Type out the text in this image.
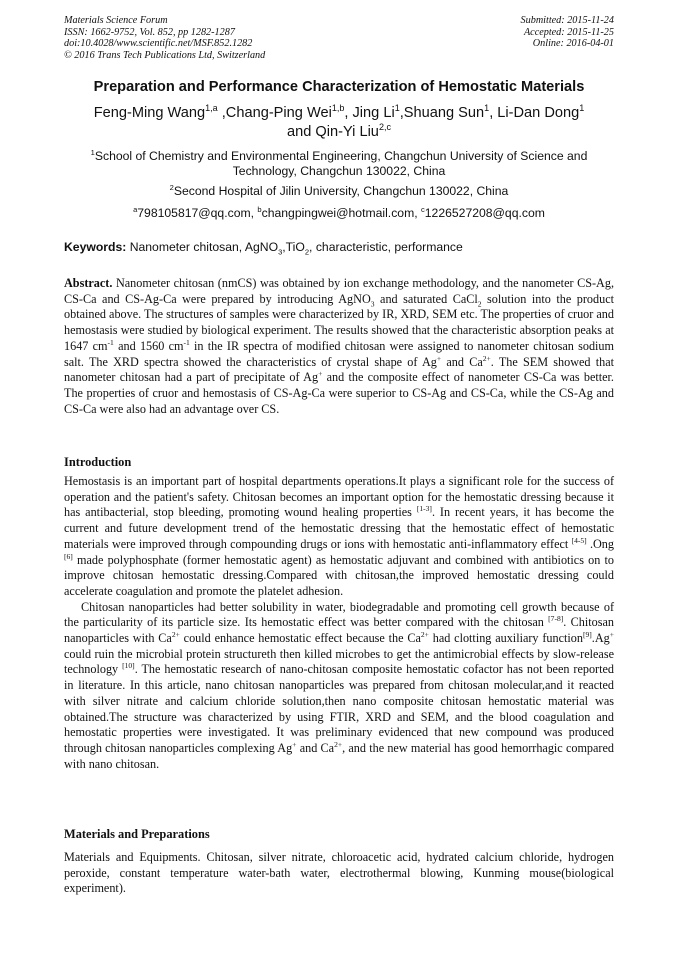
Materials Science Forum
ISSN: 1662-9752, Vol. 852, pp 1282-1287
doi:10.4028/www.scientific.net/MSF.852.1282
© 2016 Trans Tech Publications Ltd, Switzerland
Submitted: 2015-11-24
Accepted: 2015-11-25
Online: 2016-04-01
Preparation and Performance Characterization of Hemostatic Materials
Feng-Ming Wang$^{1,a}$ ,Chang-Ping Wei$^{1,b}$, Jing Li$^1$,Shuang Sun$^1$, Li-Dan Dong$^1$
and Qin-Yi Liu$^{2,c}$
$^1$School of Chemistry and Environmental Engineering, Changchun University of Science and Technology, Changchun 130022, China
$^2$Second Hospital of Jilin University, Changchun 130022, China
$^a$798105817@qq.com, $^b$changpingwei@hotmail.com, $^c$1226527208@qq.com
Keywords: Nanometer chitosan, AgNO$_3$,TiO$_2$, characteristic, performance
Abstract. Nanometer chitosan (nmCS) was obtained by ion exchange methodology, and the nanometer CS-Ag, CS-Ca and CS-Ag-Ca were prepared by introducing AgNO$_3$ and saturated CaCl$_2$ solution into the product obtained above. The structures of samples were characterized by IR, XRD, SEM etc. The properties of cruor and hemostasis were studied by biological experiment. The results showed that the characteristic absorption peaks at 1647 $cm^{-1}$ and 1560 $cm^{-1}$ in the IR spectra of modified chitosan were assigned to nanometer chitosan sodium salt. The XRD spectra showed the characteristics of crystal shape of Ag+ and $Ca^{2+}$. The SEM showed that nanometer chitosan had a part of precipitate of Ag+ and the composite effect of nanometer CS-Ca was better. The properties of cruor and hemostasis of CS-Ag-Ca were superior to CS-Ag and CS-Ca, while the CS-Ag and CS-Ca were also had an advantage over CS.
Introduction

Hemostasis is an important part of hospital departments operations.It plays a significant role for the success of operation and the patient's safety. Chitosan becomes an important option for the hemostatic dressing because it has antibacterial, stop bleeding, promoting wound healing properties [1-3]. In recent years, it has become the current and future development trend of the hemostatic dressing that the hemostatic effect of hemostatic materials were improved through compounding drugs or ions with hemostatic anti-inflammatory effect [4-5] .Ong [6] made polyphosphate (former hemostatic agent) as hemostatic adjuvant and combined with antibiotics on to improve chitosan hemostatic dressing.Compared with chitosan,the improved hemostatic dressing could accelerate coagulation and promote the platelet adhesion.

Chitosan nanoparticles had better solubility in water, biodegradable and promoting cell growth because of the particularity of its particle size. Its hemostatic effect was better compared with the chitosan [7-8]. Chitosan nanoparticles with $Ca^{2+}$ could enhance hemostatic effect because the $Ca^{2+}$ had clotting auxiliary function[9].Ag+ could ruin the microbial protein structureth then killed microbes to get the antimicrobial effects by slow-release technology [10]. The hemostatic research of nano-chitosan composite hemostatic cofactor has not been reported in literature. In this article, nano chitosan nanoparticles was prepared from chitosan molecular,and it reacted with silver nitrate and calcium chloride solution,then nano composite chitosan hemostatic material was obtained.The structure was characterized by using FTIR, XRD and SEM, and the blood coagulation and hemostatic properties were investigated. It was preliminary evidenced that new compound was produced through chitosan nanoparticles complexing Ag+ and $Ca^{2+}$, and the new material has good hemorrhagic compared with nano chitosan.

Materials and Preparations
Materials and Equipments. Chitosan, silver nitrate, chloroacetic acid, hydrated calcium chloride, hydrogen peroxide, constant temperature water-bath water, electrothermal blowing, Kunming mouse(biological experiment).
